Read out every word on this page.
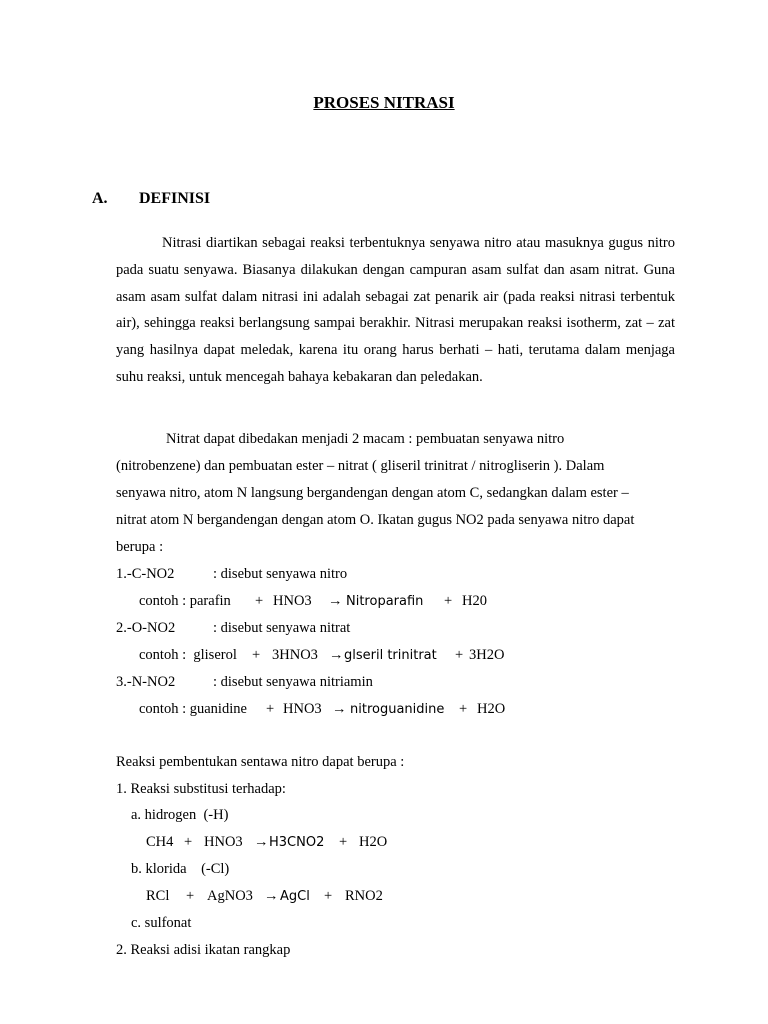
PROSES NITRASI
A. DEFINISI

Nitrasi diartikan sebagai reaksi terbentuknya senyawa nitro atau masuknya gugus nitro pada suatu senyawa. Biasanya dilakukan dengan campuran asam sulfat dan asam nitrat. Guna asam asam sulfat dalam nitrasi ini adalah sebagai zat penarik air (pada reaksi nitrasi terbentuk air), sehingga reaksi berlangsung sampai berakhir. Nitrasi merupakan reaksi isotherm, zat – zat yang hasilnya dapat meledak, karena itu orang harus berhati – hati, terutama dalam menjaga suhu reaksi, untuk mencegah bahaya kebakaran dan peledakan.

Nitrat dapat dibedakan menjadi 2 macam : pembuatan senyawa nitro
(nitrobenzene) dan pembuatan ester – nitrat ( gliseril trinitrat / nitrogliserin ). Dalam
senyawa nitro, atom N langsung bergandengan dengan atom C, sedangkan dalam ester –
nitrat atom N bergandengan dengan atom O. Ikatan gugus NO2 pada senyawa nitro dapat
berupa :
1.-C-NO2	: disebut senyawa nitro
contoh : parafin + HNO3 → Nitroparafin + H20
2.-O-NO2	: disebut senyawa nitrat
contoh :  gliserol + 3HNO3 → glseril trinitrat + 3H2O
3.-N-NO2	: disebut senyawa nitriamin
contoh : guanidine + HNO3 → nitroguanidine + H2O
Reaksi pembentukan sentawa nitro dapat berupa :
1. Reaksi substitusi terhadap:
a. hidrogen  (-H)
CH4 + HNO3 → H3CNO2 + H2O
b. klorida    (-Cl)
RCl + AgNO3 → AgCl + RNO2
c. sulfonat
2. Reaksi adisi ikatan rangkap
